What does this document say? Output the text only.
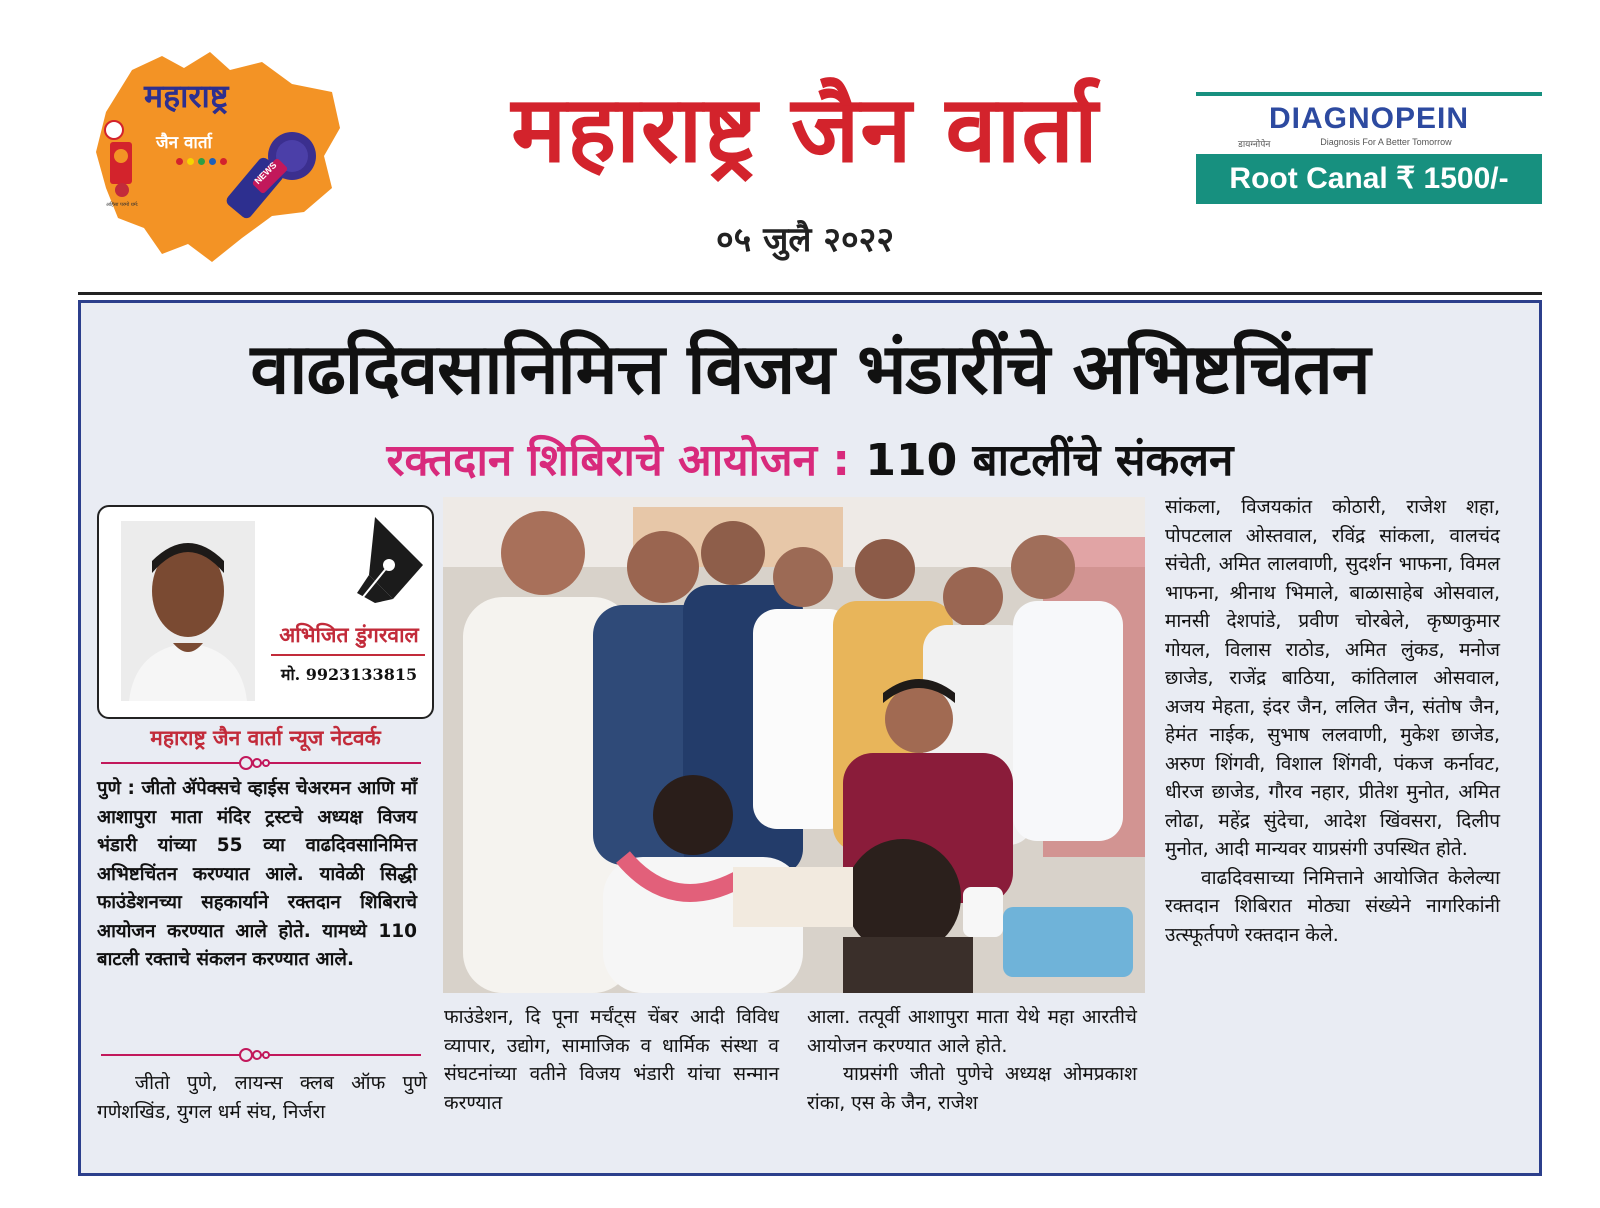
महाराष्ट्र
जैन वार्ता
NEWS
अहिंसा परमो धर्म:
महाराष्ट्र जैन वार्ता
०५ जुलै २०२२
DIAGNOPEIN
डायग्नोपेन	Diagnosis For A Better Tomorrow
Root Canal ₹ 1500/-
वाढदिवसानिमित्त विजय भंडारींचे अभिष्टचिंतन
रक्तदान शिबिराचे आयोजन : 110 बाटलींचे संकलन
अभिजित डुंगरवाल
मो. 9923133815
महाराष्ट्र जैन वार्ता न्यूज नेटवर्क
पुणे : जीतो ॲपेक्सचे व्हाईस चेअरमन आणि माँ आशापुरा माता मंदिर ट्रस्टचे अध्यक्ष विजय भंडारी यांच्या 55 व्या वाढदिवसानिमित्त अभिष्टचिंतन करण्यात आले. यावेळी सिद्धी फाउंडेशनच्या सहकार्याने रक्तदान शिबिराचे आयोजन करण्यात आले होते. यामध्ये 110 बाटली रक्ताचे संकलन करण्यात आले.
जीतो पुणे, लायन्स क्लब ऑफ पुणे गणेशखिंड, युगल धर्म संघ, निर्जरा
फाउंडेशन, दि पूना मर्चंट्स चेंबर आदी विविध व्यापार, उद्योग, सामाजिक व धार्मिक संस्था व संघटनांच्या वतीने विजय भंडारी यांचा सन्मान करण्यात
आला. तत्पूर्वी आशापुरा माता येथे महा आरतीचे आयोजन करण्यात आले होते.
याप्रसंगी जीतो पुणेचे अध्यक्ष ओमप्रकाश रांका, एस के जैन, राजेश
सांकला, विजयकांत कोठारी, राजेश शहा, पोपटलाल ओस्तवाल, रविंद्र सांकला, वालचंद संचेती, अमित लालवाणी, सुदर्शन भाफना, विमल भाफना, श्रीनाथ भिमाले, बाळासाहेब ओसवाल, मानसी देशपांडे, प्रवीण चोरबेले, कृष्णकुमार गोयल, विलास राठोड, अमित लुंकड, मनोज छाजेड, राजेंद्र बाठिया, कांतिलाल ओसवाल, अजय मेहता, इंदर जैन, ललित जैन, संतोष जैन, हेमंत नाईक, सुभाष ललवाणी, मुकेश छाजेड, अरुण शिंगवी, विशाल शिंगवी, पंकज कर्नावट, धीरज छाजेड, गौरव नहार, प्रीतेश मुनोत, अमित लोढा, महेंद्र सुंदेचा, आदेश खिंवसरा, दिलीप मुनोत, आदी मान्यवर याप्रसंगी उपस्थित होते.
वाढदिवसाच्या निमित्ताने आयोजित केलेल्या रक्तदान शिबिरात मोठ्या संख्येने नागरिकांनी उत्स्फूर्तपणे रक्तदान केले.
